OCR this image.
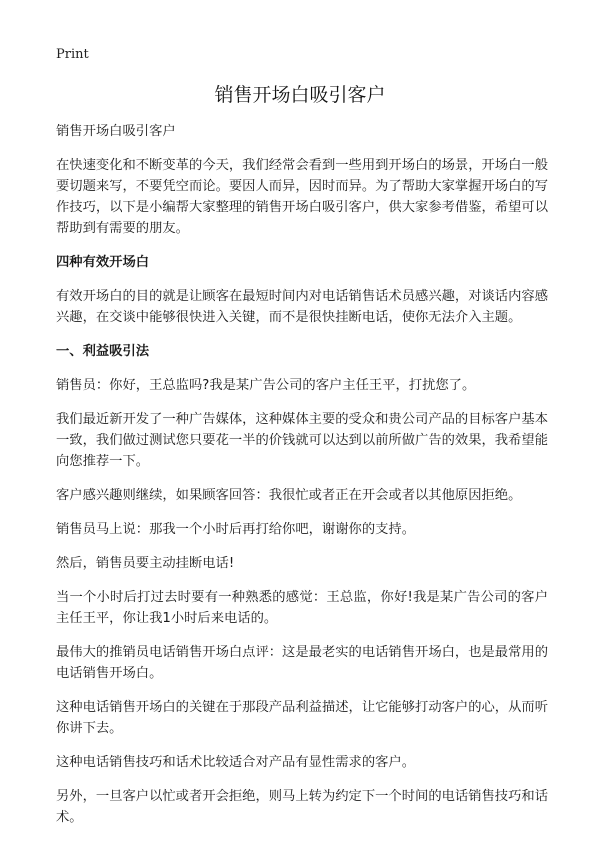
Print
销售开场白吸引客户

销售开场白吸引客户

在快速变化和不断变革的今天，我们经常会看到一些用到开场白的场景，开场白一般要切题来写，不要凭空而论。要因人而异，因时而异。为了帮助大家掌握开场白的写作技巧，以下是小编帮大家整理的销售开场白吸引客户，供大家参考借鉴，希望可以帮助到有需要的朋友。

四种有效开场白

有效开场白的目的就是让顾客在最短时间内对电话销售话术员感兴趣，对谈话内容感兴趣，在交谈中能够很快进入关键，而不是很快挂断电话，使你无法介入主题。

一、利益吸引法

销售员：你好，王总监吗?我是某广告公司的客户主任王平，打扰您了。

我们最近新开发了一种广告媒体，这种媒体主要的受众和贵公司产品的目标客户基本一致，我们做过测试您只要花一半的价钱就可以达到以前所做广告的效果，我希望能向您推荐一下。

客户感兴趣则继续，如果顾客回答：我很忙或者正在开会或者以其他原因拒绝。

销售员马上说：那我一个小时后再打给你吧，谢谢你的支持。

然后，销售员要主动挂断电话!

当一个小时后打过去时要有一种熟悉的感觉：王总监，你好!我是某广告公司的客户主任王平，你让我1小时后来电话的。

最伟大的推销员电话销售开场白点评：这是最老实的电话销售开场白，也是最常用的电话销售开场白。

这种电话销售开场白的关键在于那段产品利益描述，让它能够打动客户的心，从而听你讲下去。

这种电话销售技巧和话术比较适合对产品有显性需求的客户。

另外，一旦客户以忙或者开会拒绝，则马上转为约定下一个时间的电话销售技巧和话术。
